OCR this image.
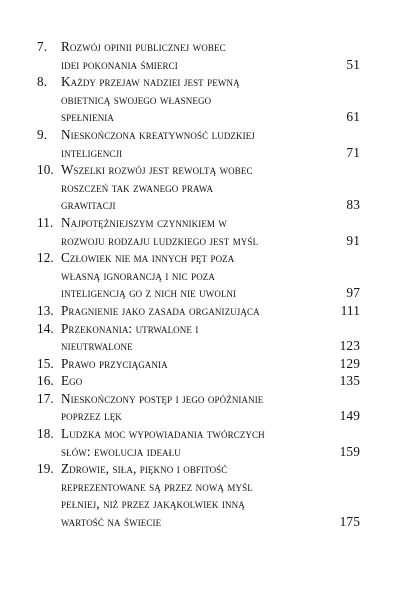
7. Rozwój opinii publicznej wobec
idei pokonania śmierci	51
8. Każdy przejaw nadziei jest pewną
obietnicą swojego własnego
spełnienia	61
9. Nieskończona kreatywność ludzkiej
inteligencji	71
10. Wszelki rozwój jest rewoltą wobec
roszczeń tak zwanego prawa
grawitacji	83
11. Najpotężniejszym czynnikiem w
rozwoju rodzaju ludzkiego jest myśl	91
12. Człowiek nie ma innych pęt poza
własną ignorancją i nic poza
inteligencją go z nich nie uwolni	97
13. Pragnienie jako zasada organizująca	111
14. Przekonania: utrwalone i
nieutrwalone	123
15. Prawo przyciągania	129
16. Ego	135
17. Nieskończony postęp i jego opóźnianie
poprzez lęk	149
18. Ludzka moc wypowiadania twórczych
słów: ewolucja ideału	159
19. Zdrowie, siła, piękno i obfitość
reprezentowane są przez nową myśl
pełniej, niż przez jakąkolwiek inną
wartość na świecie	175
